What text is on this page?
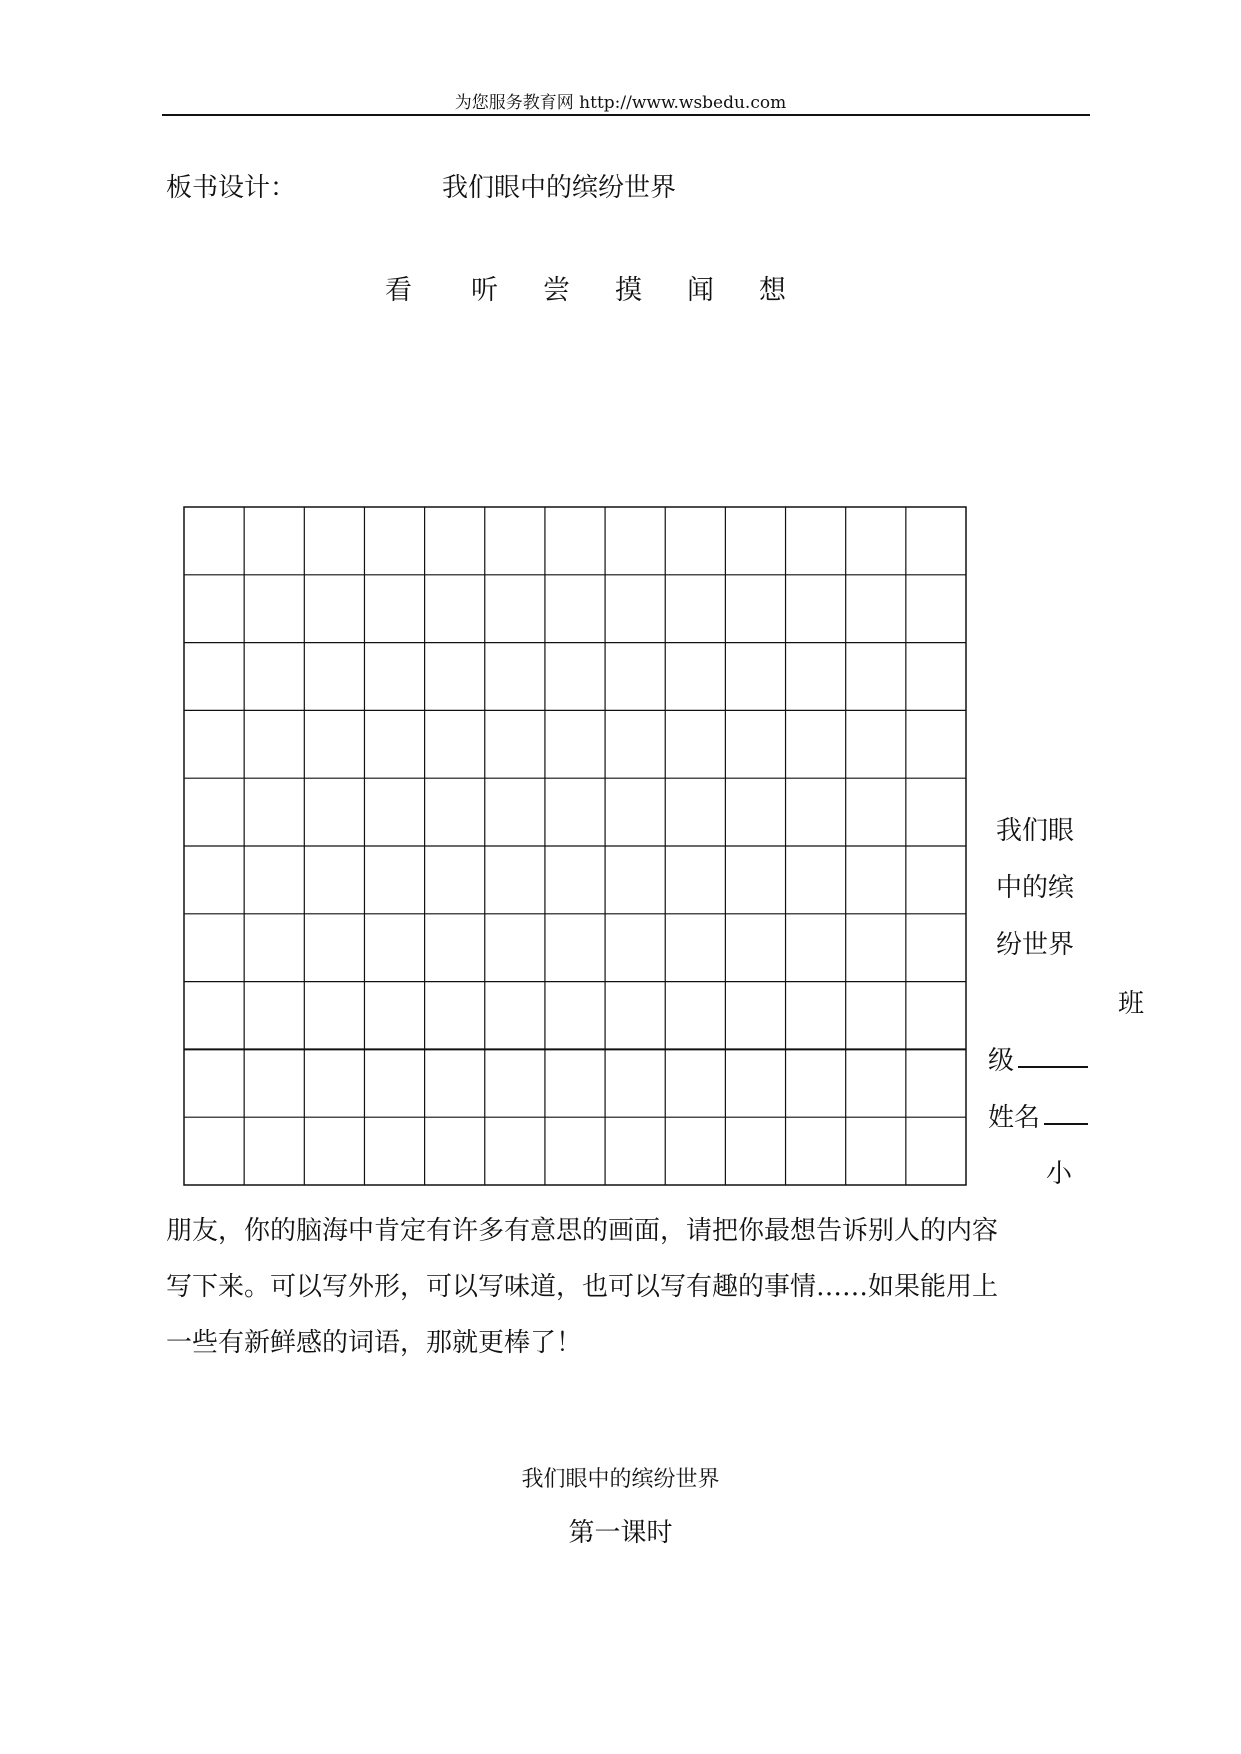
为您服务教育网 http://www.wsbedu.com
板书设计：	我们眼中的缤纷世界
看 听 尝 摸 闻 想
我们眼
中的缤
纷世界
班
级
姓名
小
朋友，你的脑海中肯定有许多有意思的画面，请把你最想告诉别人的内容
写下来。可以写外形，可以写味道，也可以写有趣的事情……如果能用上
一些有新鲜感的词语，那就更棒了！
我们眼中的缤纷世界
第一课时
